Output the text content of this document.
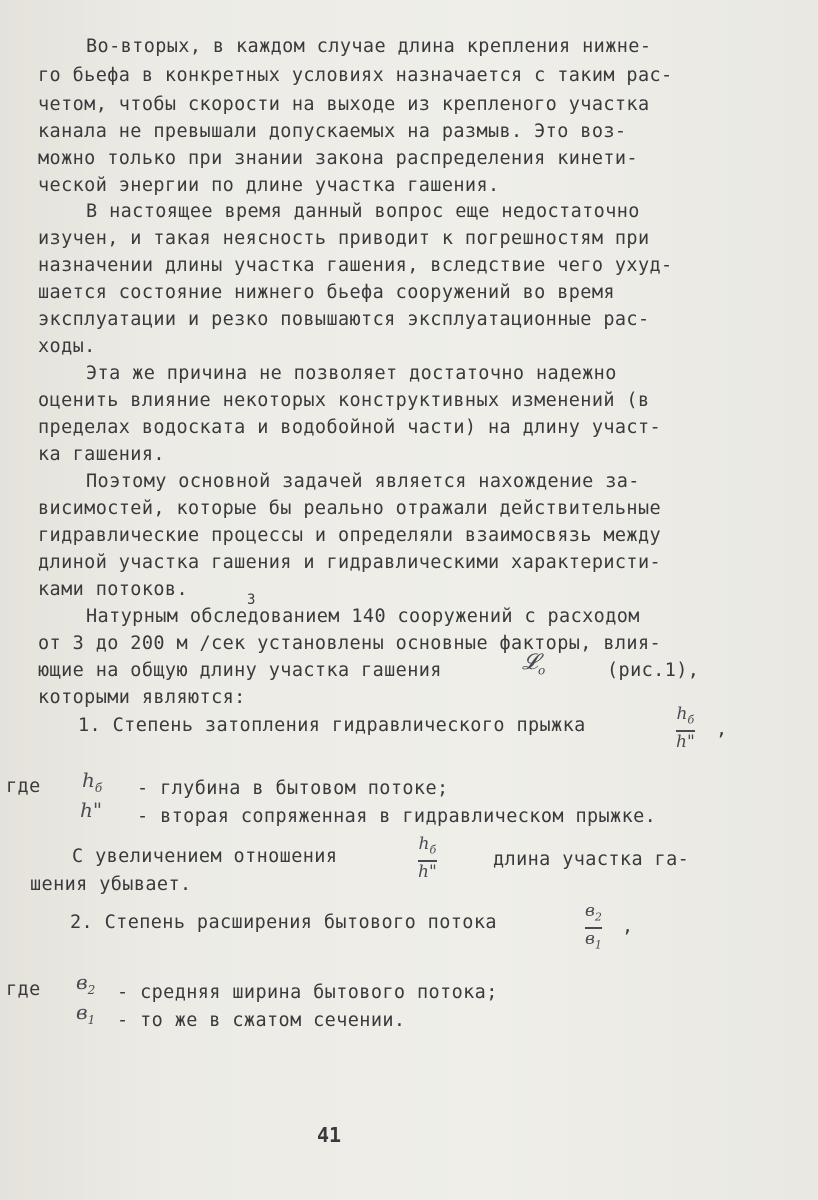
Во-вторых, в каждом случае длина крепления нижне-
го бьефа в конкретных условиях назначается с таким рас-
четом, чтобы скорости на выходе из крепленого участка
канала не превышали допускаемых на размыв. Это воз-
можно только при знании закона распределения кинети-
ческой энергии по длине участка гашения.
В настоящее время данный вопрос еще недостаточно
изучен, и такая неясность приводит к погрешностям при
назначении длины участка гашения, вследствие чего ухуд-
шается состояние нижнего бьефа сооружений во время
эксплуатации и резко повышаются эксплуатационные рас-
ходы.
Эта же причина не позволяет достаточно надежно
оценить влияние некоторых конструктивных изменений (в
пределах водоската и водобойной части) на длину участ-
ка гашения.
Поэтому основной задачей является нахождение за-
висимостей, которые бы реально отражали действительные
гидравлические процессы и определяли взаимосвязь между
длиной участка гашения и гидравлическими характеристи-
ками потоков.
Натурным обследованием 140 сооружений с расходом
3
от 3 до 200 м /сек установлены основные факторы, влия-
ющие на общую длину участка гашения	𝓛$_o$	(рис.1),
которыми являются:
1. Степень затопления гидравлического прыжка
$h_б$
h"
,
где $h_б$ - глубина в бытовом потоке;
h" - вторая сопряженная в гидравлическом прыжке.
С увеличением отношения
$h_б$
h"
длина участка га-
шения убывает.
2. Степень расширения бытового потока
$в_2$
$в_1$
,
где $в_2$ - средняя ширина бытового потока;
$в_1$ - то же в сжатом сечении.
41
